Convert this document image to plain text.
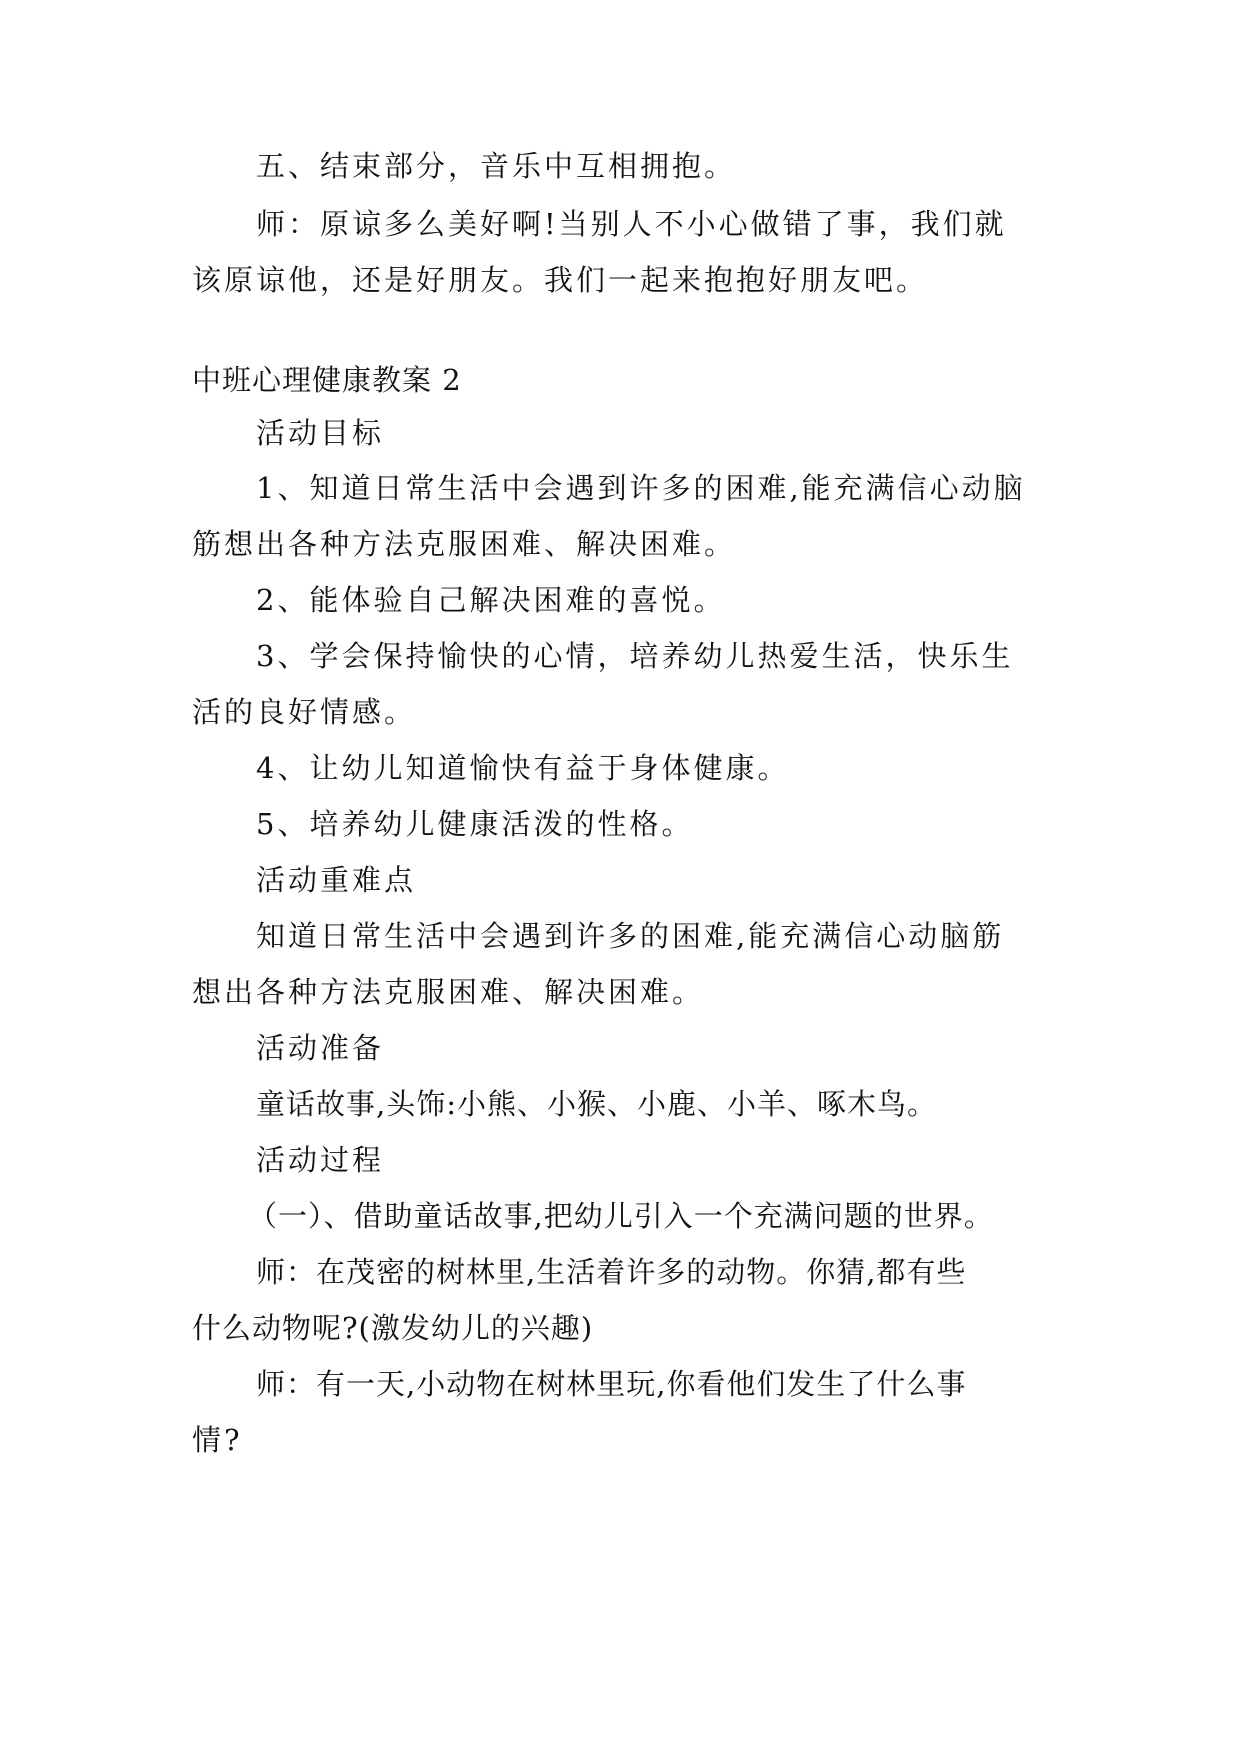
五、结束部分，音乐中互相拥抱。
师：原谅多么美好啊!当别人不小心做错了事，我们就
该原谅他，还是好朋友。我们一起来抱抱好朋友吧。
中班心理健康教案 2
活动目标
1、知道日常生活中会遇到许多的困难,能充满信心动脑
筋想出各种方法克服困难、解决困难。
2、能体验自己解决困难的喜悦。
3、学会保持愉快的心情，培养幼儿热爱生活，快乐生
活的良好情感。
4、让幼儿知道愉快有益于身体健康。
5、培养幼儿健康活泼的性格。
活动重难点
知道日常生活中会遇到许多的困难,能充满信心动脑筋
想出各种方法克服困难、解决困难。
活动准备
童话故事,头饰:小熊、小猴、小鹿、小羊、啄木鸟。
活动过程
（一）、借助童话故事,把幼儿引入一个充满问题的世界。
师：在茂密的树林里,生活着许多的动物。你猜,都有些
什么动物呢?(激发幼儿的兴趣)
师：有一天,小动物在树林里玩,你看他们发生了什么事
情?
